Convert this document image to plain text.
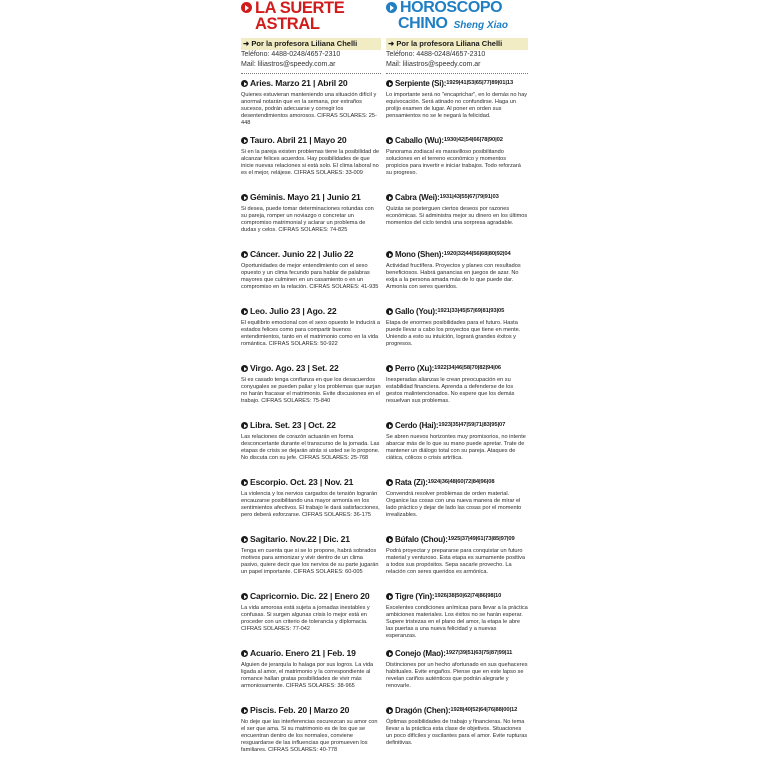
LA SUERTE
ASTRAL
➜ Por la profesora Liliana Chelli
Teléfono: 4488-0248/4657-2310
Mail: liliastros@speedy.com.ar
Aries. Marzo 21 | Abril 20
Quienes estuvieran manteniendo una situación difícil y anormal notarán que en la semana, por extraños sucesos, podrán adecuarse y corregir los desentendimientos amorosos. CIFRAS SOLARES: 25-448
Tauro. Abril 21 | Mayo 20
Si en la pareja existen problemas tiene la posibilidad de alcanzar felices acuerdos. Hay posibilidades de que inicie nuevas relaciones si está solo. El clima laboral no es el mejor, relájese. CIFRAS SOLARES: 33-009
Géminis. Mayo 21 | Junio 21
Si desea, puede tomar determinaciones rotundas con su pareja, romper un noviazgo o concretar un compromiso matrimonial y aclarar un problema de dudas y celos. CIFRAS SOLARES: 74-825
Cáncer. Junio 22 | Julio 22
Oportunidades de mejor entendimiento con el sexo opuesto y un clima fecundo para hablar de palabras mayores que culminen en un casamiento o en un compromiso en la relación. CIFRAS SOLARES: 41-935
Leo. Julio 23 | Ago. 22
El equilibrio emocional con el sexo opuesto le inducirá a estados felices como para compartir buenos entendimientos, tanto en el matrimonio como en la vida romántica. CIFRAS SOLARES: 50-922
Virgo. Ago. 23 | Set. 22
Si es casado tenga confianza en que los desacuerdos conyugales se pueden paliar y los problemas que surjan no harán fracasar el matrimonio. Evite discusiones en el trabajo. CIFRAS SOLARES: 75-840
Libra. Set. 23 | Oct. 22
Las relaciones de corazón actuarán en forma desconcertante durante el transcurso de la jornada. Las etapas de crisis se dejarán atrás si usted se lo propone. No discuta con su jefe. CIFRAS SOLARES: 25-768
Escorpio. Oct. 23 | Nov. 21
La violencia y los nervios cargados de tensión lograrán encauzarse posibilitando una mayor armonía en los sentimientos afectivos. El trabajo le dará satisfacciones, pero deberá esforzarse. CIFRAS SOLARES: 36-175
Sagitario. Nov.22 | Dic. 21
Tenga en cuenta que si se lo propone, habrá sobrados motivos para armonizar y vivir dentro de un clima pasivo, quiere decir que los nervios de su parte jugarán un papel importante. CIFRAS SOLARES: 60-005
Capricornio. Dic. 22 | Enero 20
La vida amorosa está sujeta a jornadas inestables y confusas. Si surgen algunas crisis lo mejor está en proceder con un criterio de tolerancia y diplomacia. CIFRAS SOLARES: 77-042
Acuario. Enero 21 | Feb. 19
Alguien de jerarquía lo halaga por sus logros. La vida ligada al amor, el matrimonio y la correspondiente al romance hallan gratas posibilidades de vivir más armoniosamente. CIFRAS SOLARES: 38-965
Piscis. Feb. 20 | Marzo 20
No deje que las interferencias oscurezcan su amor con el ser que ama. Si su matrimonio es de los que se encuentran dentro de los normales, conviene resguardarse de las influencias que promueven los familiares. CIFRAS SOLARES: 40-778
HOROSCOPO
CHINO Sheng Xiao
➜ Por la profesora Liliana Chelli
Teléfono: 4488-0248/4657-2310
Mail: liliastros@speedy.com.ar
Serpiente (Si): 1929|41|53|65|77|89|01|13
Lo importante será no "encaprichar", en lo demás no hay equivocación. Será atinado no confundirse. Haga un prolijo examen de lugar. Al poner en orden sus pensamientos no se le negará la felicidad.
Caballo (Wu): 1930|42|54|66|78|90|02
Panorama zodiacal es maravilloso posibilitando soluciones en el terreno económico y momentos propicios para invertir e iniciar trabajos. Todo reforzará su progreso.
Cabra (Wei): 1931|43|55|67|79|91|03
Quizás se posterguen ciertos deseos por razones económicas. Si administra mejor su dinero en los últimos momentos del ciclo tendrá una sorpresa agradable.
Mono (Shen): 1920|32|44|56|68|80|92|04
Actividad fructífera. Proyectos y planes con resultados beneficiosos. Habrá ganancias en juegos de azar. No exija a la persona amada más de lo que puede dar. Armonía con seres queridos.
Gallo (You): 1921|33|45|57|69|81|93|05
Etapa de enormes posibilidades para el futuro. Hasta puede llevar a cabo los proyectos que tiene en mente. Uniendo a esto su intuición, logrará grandes éxitos y progresos.
Perro (Xu): 1922|34|46|58|70|82|94|06
Inesperadas alianzas le crean preocupación en su estabilidad financiera. Aprenda a defenderse de los gestos malintencionados. No espere que los demás resuelvan sus problemas.
Cerdo (Hai): 1923|35|47|59|71|83|95|07
Se abren nuevos horizontes muy promisorios, no intente abarcar más de lo que su mano puede apretar. Trate de mantener un diálogo total con su pareja. Ataques de ciática, cólicos o crisis artrítica.
Rata (Zi): 1924|36|48|60|72|84|96|08
Convendrá resolver problemas de orden material. Organice las cosas con una nueva manera de mirar el lado práctico y dejar de lado las cosas por el momento irrealizables.
Búfalo (Chou): 1925|37|49|61|73|85|97|09
Podrá proyectar y prepararse para conquistar un futuro material y venturoso. Esta etapa es sumamente positiva a todos sus propósitos. Sepa sacarle provecho. La relación con seres queridos es armónica.
Tigre (Yin): 1926|38|50|62|74|86|98|10
Excelentes condiciones anímicas para llevar a la práctica ambiciones materiales. Los éxitos no se harán esperar. Supere tristezas en el plano del amor, la etapa le abre las puertas a una nueva felicidad y a nuevas esperanzas.
Conejo (Mao): 1927|39|51|63|75|87|99|11
Distinciones por un hecho afortunado en sus quehaceres habituales. Evite engaños. Piense que en este lapso se revelan cariños auténticos que podrán alegrarle y renovarle.
Dragón (Chen): 1928|40|52|64|76|88|00|12
Óptimas posibilidades de trabajo y financieras. No tema llevar a la práctica esta clase de objetivos. Situaciones un poco difíciles y oscilantes para el amor. Evite rupturas definitivas.
